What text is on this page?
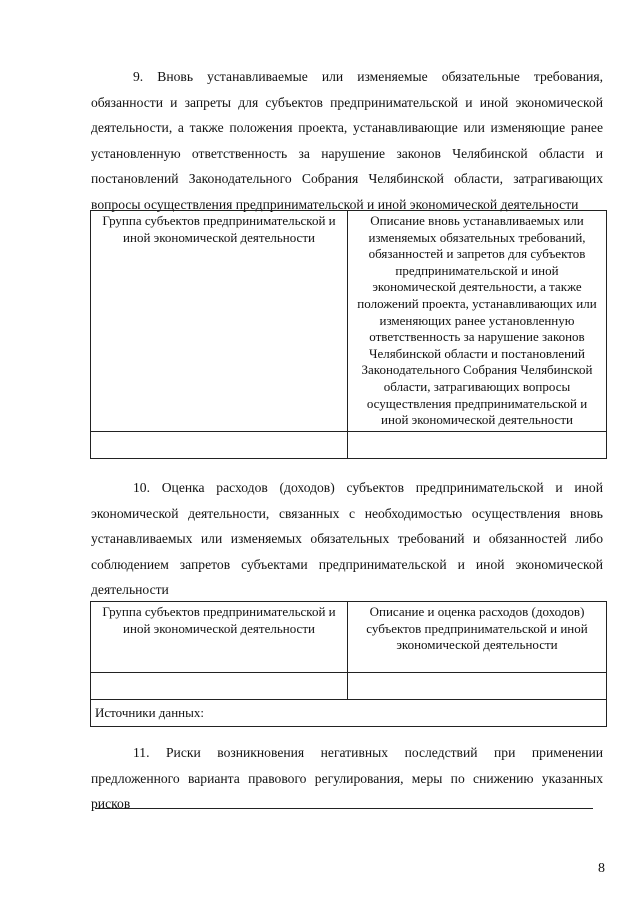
9. Вновь устанавливаемые или изменяемые обязательные требования, обязанности и запреты для субъектов предпринимательской и иной экономической деятельности, а также положения проекта, устанавливающие или изменяющие ранее установленную ответственность за нарушение законов Челябинской области и постановлений Законодательного Собрания Челябинской области, затрагивающих вопросы осуществления предпринимательской и иной экономической деятельности

Группа субъектов предпринимательской и иной экономической деятельности	Описание вновь устанавливаемых или изменяемых обязательных требований, обязанностей и запретов для субъектов предпринимательской и иной экономической деятельности, а также положений проекта, устанавливающих или изменяющих ранее установленную ответственность за нарушение законов Челябинской области и постановлений Законодательного Собрания Челябинской области, затрагивающих вопросы осуществления предпринимательской и иной экономической деятельности

10. Оценка расходов (доходов) субъектов предпринимательской и иной экономической деятельности, связанных с необходимостью осуществления вновь устанавливаемых или изменяемых обязательных требований и обязанностей либо соблюдением запретов субъектами предпринимательской и иной экономической деятельности

Группа субъектов предпринимательской и иной экономической деятельности	Описание и оценка расходов (доходов) субъектов предпринимательской и иной экономической деятельности

Источники данных:	

11. Риски возникновения негативных последствий при применении предложенного варианта правового регулирования, меры по снижению указанных рисков

8
